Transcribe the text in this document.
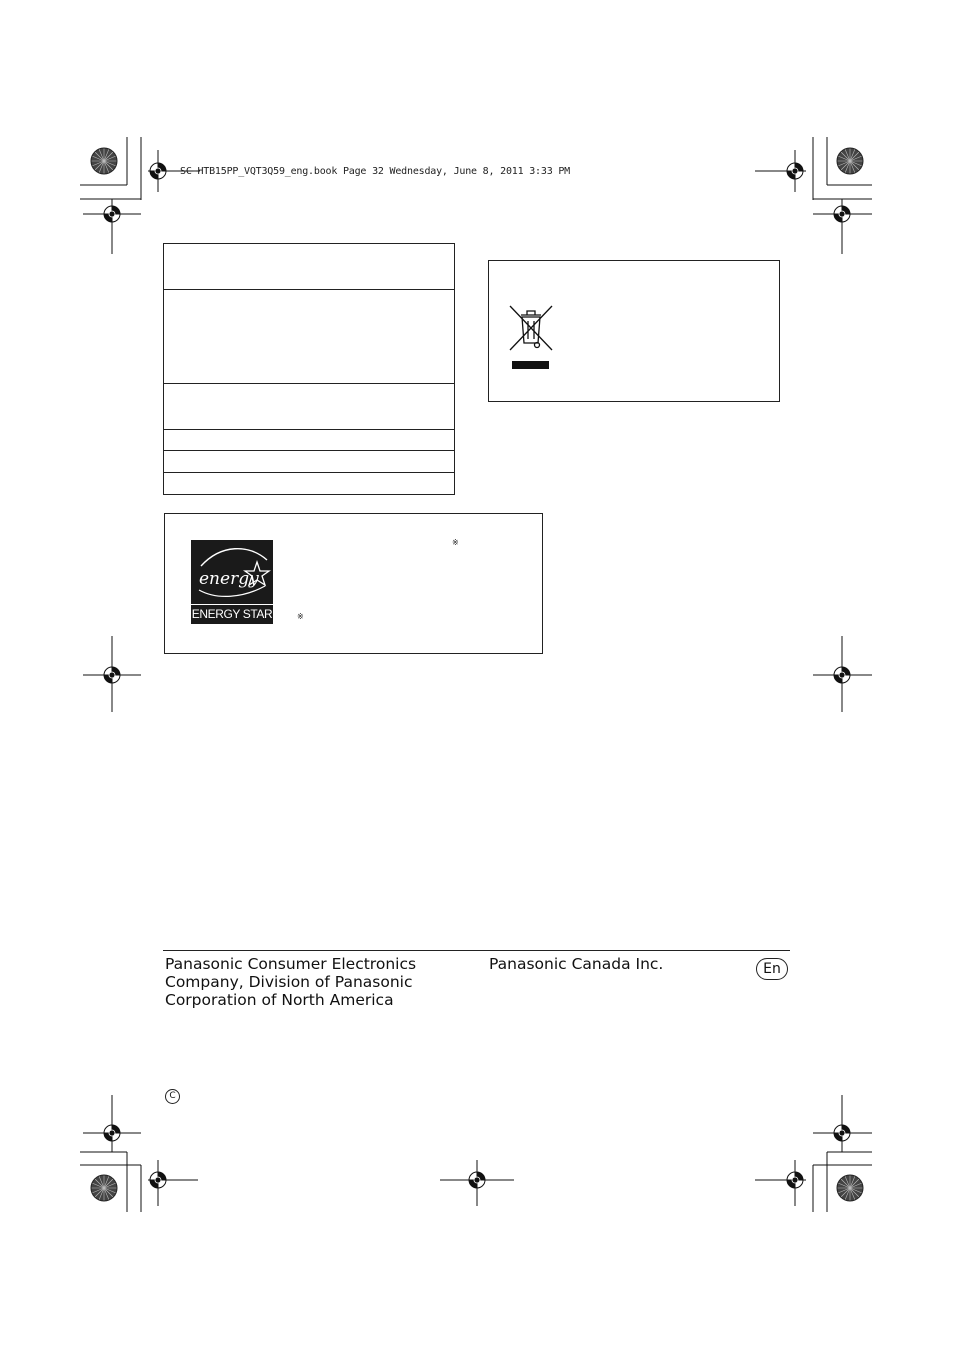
SC-HTB15PP_VQT3Q59_eng.book Page 32 Wednesday, June 8, 2011 3:33 PM
energy
ENERGY STAR
※
※
Panasonic Consumer Electronics
Company, Division of Panasonic
Corporation of North America
Panasonic Canada Inc.	En
C
